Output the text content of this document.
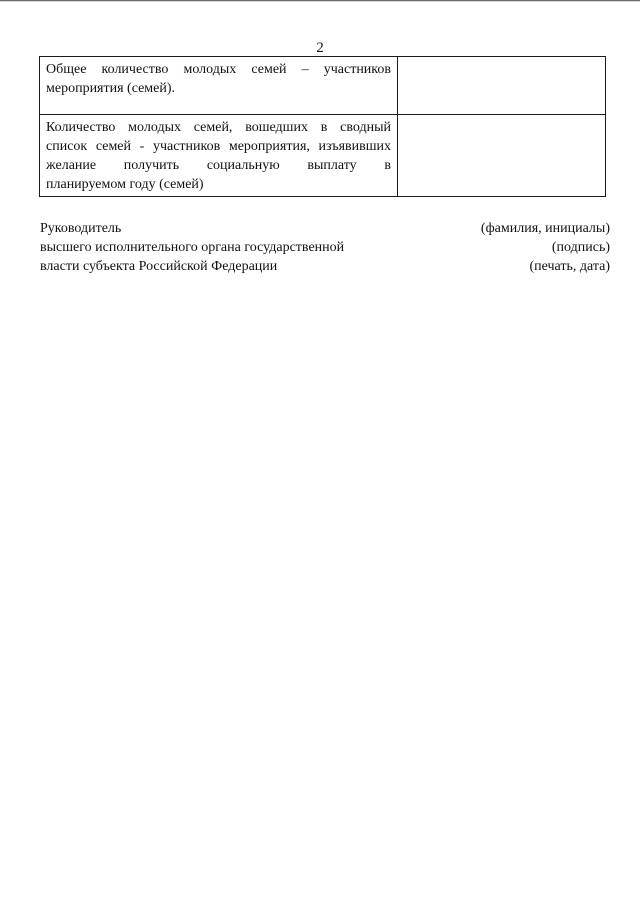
2
Общее количество молодых семей – участников
мероприятия (семей).	

Количество молодых семей, вошедших в сводный
список семей - участников мероприятия, изъявивших
желание получить социальную выплату в
планируемом году (семей)	
Руководитель	(фамилия, инициалы)
высшего исполнительного органа государственной	(подпись)
власти субъекта Российской Федерации	(печать, дата)
